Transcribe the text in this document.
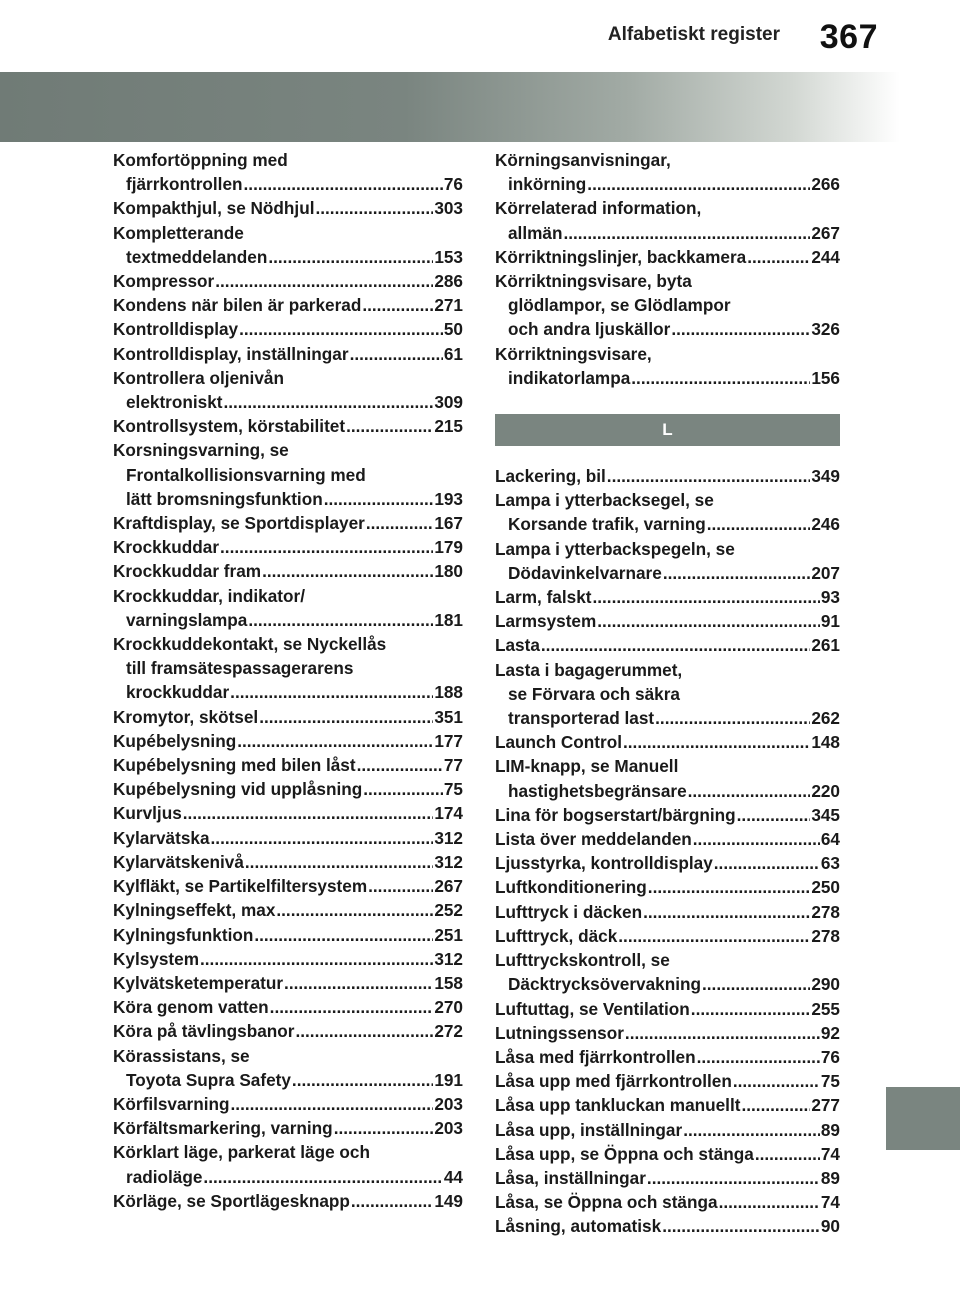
Alfabetiskt register 367
Komfortöppning med
fjärrkontrollen .....	76
Kompakthjul, se Nödhjul .....	303
Kompletterande
textmeddelanden .....	153
Kompressor .....	286
Kondens när bilen är parkerad .....	271
Kontrolldisplay .....	50
Kontrolldisplay, inställningar .....	61
Kontrollera oljenivån
elektroniskt .....	309
Kontrollsystem, körstabilitet .....	215
Korsningsvarning, se
Frontalkollisionsvarning med
lätt bromsningsfunktion .....	193
Kraftdisplay, se Sportdisplayer .....	167
Krockkuddar .....	179
Krockkuddar fram .....	180
Krockkuddar, indikator/
varningslampa .....	181
Krockkuddekontakt, se Nyckellås
till framsätespassagerarens
krockkuddar .....	188
Kromytor, skötsel .....	351
Kupébelysning .....	177
Kupébelysning med bilen låst .....	77
Kupébelysning vid upplåsning .....	75
Kurvljus .....	174
Kylarvätska .....	312
Kylarvätskenivå .....	312
Kylfläkt, se Partikelfiltersystem .....	267
Kylningseffekt, max .....	252
Kylningsfunktion .....	251
Kylsystem .....	312
Kylvätsketemperatur .....	158
Köra genom vatten .....	270
Köra på tävlingsbanor .....	272
Körassistans, se
Toyota Supra Safety .....	191
Körfilsvarning .....	203
Körfältsmarkering, varning .....	203
Körklart läge, parkerat läge och
radioläge .....	44
Körläge, se Sportlägesknapp .....	149
Körningsanvisningar,
inkörning .....	266
Körrelaterad information,
allmän .....	267
Körriktningslinjer, backkamera .....	244
Körriktningsvisare, byta
glödlampor, se Glödlampor
och andra ljuskällor .....	326
Körriktningsvisare,
indikatorlampa .....	156
L
Lackering, bil .....	349
Lampa i ytterbacksegel, se
Korsande trafik, varning .....	246
Lampa i ytterbackspegeln, se
Dödavinkelvarnare .....	207
Larm, falskt .....	93
Larmsystem .....	91
Lasta .....	261
Lasta i bagagerummet,
se Förvara och säkra
transporterad last .....	262
Launch Control .....	148
LIM-knapp, se Manuell
hastighetsbegränsare .....	220
Lina för bogserstart/bärgning .....	345
Lista över meddelanden .....	64
Ljusstyrka, kontrolldisplay .....	63
Luftkonditionering .....	250
Lufttryck i däcken .....	278
Lufttryck, däck .....	278
Lufttryckskontroll, se
Däcktrycksövervakning .....	290
Luftuttag, se Ventilation .....	255
Lutningssensor .....	92
Låsa med fjärrkontrollen .....	76
Låsa upp med fjärrkontrollen .....	75
Låsa upp tankluckan manuellt .....	277
Låsa upp, inställningar .....	89
Låsa upp, se Öppna och stänga .....	74
Låsa, inställningar .....	89
Låsa, se Öppna och stänga .....	74
Låsning, automatisk .....	90
